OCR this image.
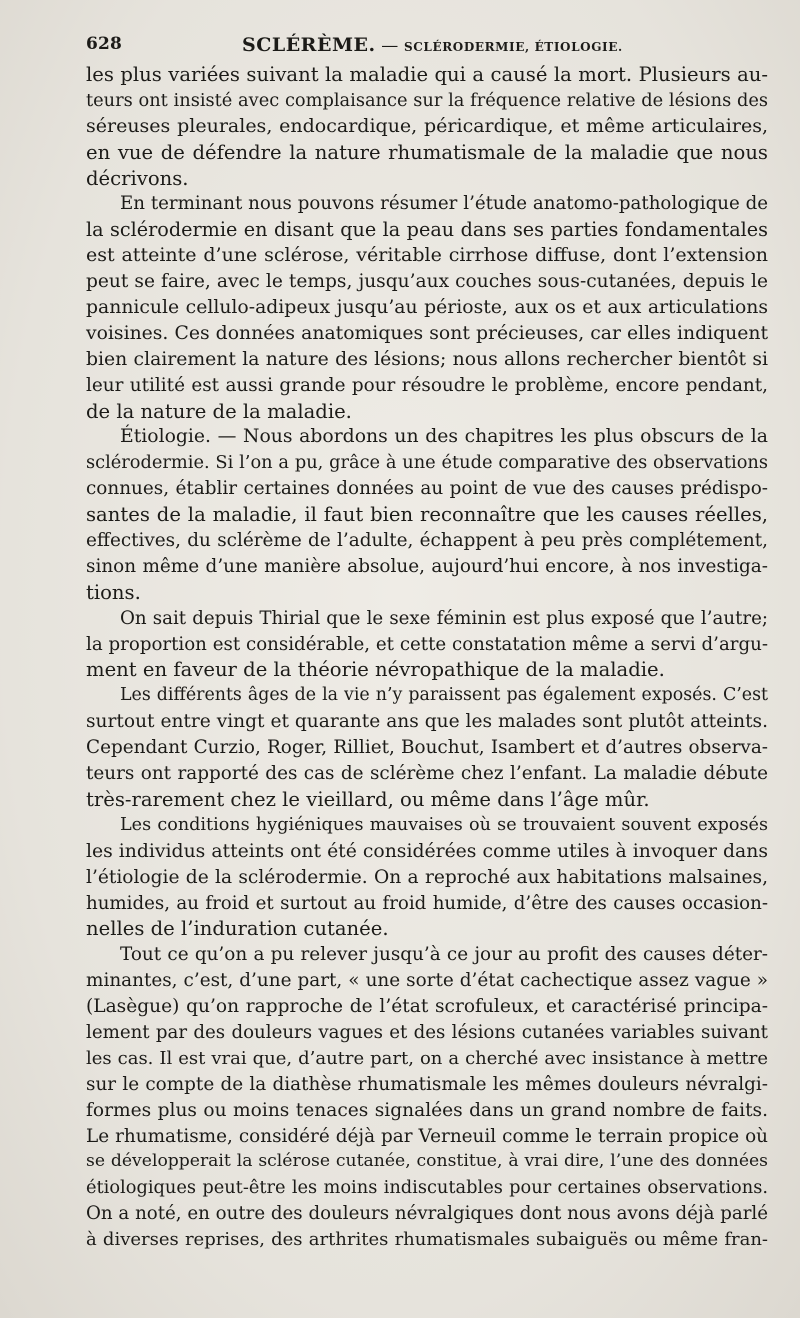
628	SCLÉRÈME. — SCLÉRODERMIE, ÉTIOLOGIE.
les plus variées suivant la maladie qui a causé la mort. Plusieurs au-
teurs ont insisté avec complaisance sur la fréquence relative de lésions des
séreuses pleurales, endocardique, péricardique, et même articulaires,
en vue de défendre la nature rhumatismale de la maladie que nous
décrivons.
En terminant nous pouvons résumer l’étude anatomo-pathologique de
la sclérodermie en disant que la peau dans ses parties fondamentales
est atteinte d’une sclérose, véritable cirrhose diffuse, dont l’extension
peut se faire, avec le temps, jusqu’aux couches sous-cutanées, depuis le
pannicule cellulo-adipeux jusqu’au périoste, aux os et aux articulations
voisines. Ces données anatomiques sont précieuses, car elles indiquent
bien clairement la nature des lésions; nous allons rechercher bientôt si
leur utilité est aussi grande pour résoudre le problème, encore pendant,
de la nature de la maladie.
Étiologie. — Nous abordons un des chapitres les plus obscurs de la
sclérodermie. Si l’on a pu, grâce à une étude comparative des observations
connues, établir certaines données au point de vue des causes prédispo-
santes de la maladie, il faut bien reconnaître que les causes réelles,
effectives, du sclérème de l’adulte, échappent à peu près complétement,
sinon même d’une manière absolue, aujourd’hui encore, à nos investiga-
tions.
On sait depuis Thirial que le sexe féminin est plus exposé que l’autre;
la proportion est considérable, et cette constatation même a servi d’argu-
ment en faveur de la théorie névropathique de la maladie.
Les différents âges de la vie n’y paraissent pas également exposés. C’est
surtout entre vingt et quarante ans que les malades sont plutôt atteints.
Cependant Curzio, Roger, Rilliet, Bouchut, Isambert et d’autres observa-
teurs ont rapporté des cas de sclérème chez l’enfant. La maladie débute
très-rarement chez le vieillard, ou même dans l’âge mûr.
Les conditions hygiéniques mauvaises où se trouvaient souvent exposés
les individus atteints ont été considérées comme utiles à invoquer dans
l’étiologie de la sclérodermie. On a reproché aux habitations malsaines,
humides, au froid et surtout au froid humide, d’être des causes occasion-
nelles de l’induration cutanée.
Tout ce qu’on a pu relever jusqu’à ce jour au profit des causes déter-
minantes, c’est, d’une part, « une sorte d’état cachectique assez vague »
(Lasègue) qu’on rapproche de l’état scrofuleux, et caractérisé principa-
lement par des douleurs vagues et des lésions cutanées variables suivant
les cas. Il est vrai que, d’autre part, on a cherché avec insistance à mettre
sur le compte de la diathèse rhumatismale les mêmes douleurs névralgi-
formes plus ou moins tenaces signalées dans un grand nombre de faits.
Le rhumatisme, considéré déjà par Verneuil comme le terrain propice où
se développerait la sclérose cutanée, constitue, à vrai dire, l’une des données
étiologiques peut-être les moins indiscutables pour certaines observations.
On a noté, en outre des douleurs névralgiques dont nous avons déjà parlé
à diverses reprises, des arthrites rhumatismales subaiguës ou même fran-
